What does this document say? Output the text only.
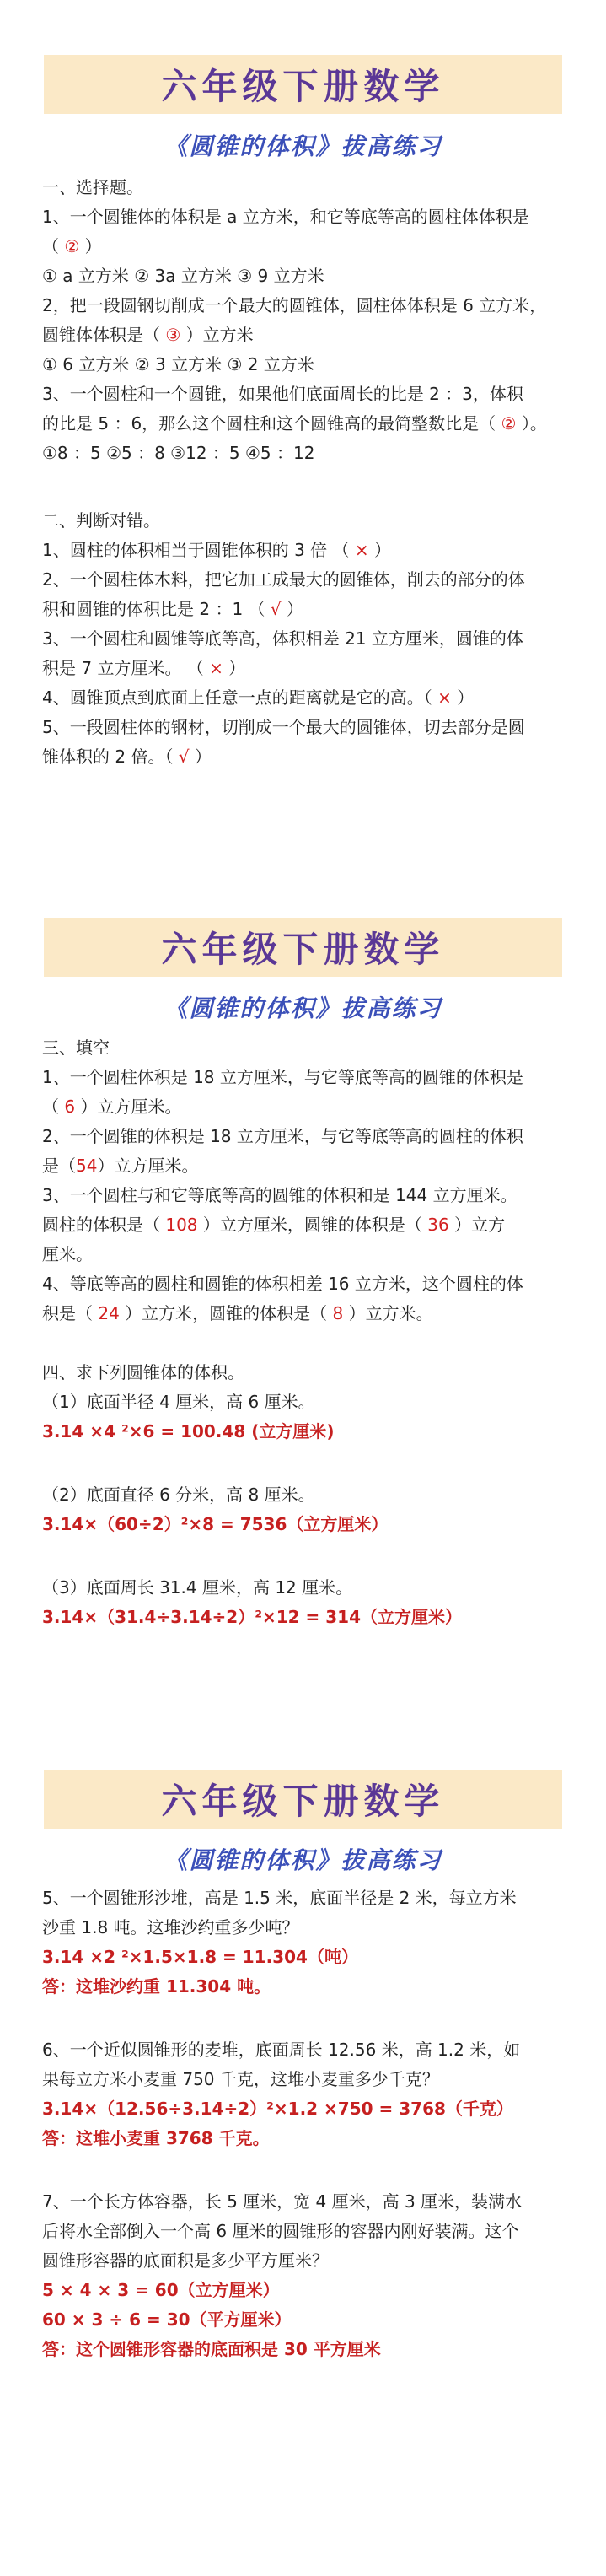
六年级下册数学
《圆锥的体积》拔高练习
一、选择题。
1、一个圆锥体的体积是 a 立方米，和它等底等高的圆柱体体积是
（ ② ）
① a 立方米 ② 3a 立方米 ③ 9 立方米
2，把一段圆钢切削成一个最大的圆锥体，圆柱体体积是 6 立方米，
圆锥体体积是（ ③ ）立方米
① 6 立方米 ② 3 立方米 ③ 2 立方米
3、一个圆柱和一个圆锥，如果他们底面周长的比是 2 ：3，体积
的比是 5 ：6，那么这个圆柱和这个圆锥高的最简整数比是（ ② ）。
①8 ：5 ②5 ：8 ③12 ：5 ④5 ：12
二、判断对错。
1、圆柱的体积相当于圆锥体积的 3 倍 （ × ）
2、一个圆柱体木料，把它加工成最大的圆锥体，削去的部分的体
积和圆锥的体积比是 2 ：1 （ √ ）
3、一个圆柱和圆锥等底等高，体积相差 21 立方厘米，圆锥的体
积是 7 立方厘米。 （ × ）
4、圆锥顶点到底面上任意一点的距离就是它的高。（ × ）
5、一段圆柱体的钢材，切削成一个最大的圆锥体，切去部分是圆
锥体积的 2 倍。（ √ ）
六年级下册数学
《圆锥的体积》拔高练习
三、填空
1、一个圆柱体积是 18 立方厘米，与它等底等高的圆锥的体积是
（ 6 ）立方厘米。
2、一个圆锥的体积是 18 立方厘米，与它等底等高的圆柱的体积
是（54）立方厘米。
3、一个圆柱与和它等底等高的圆锥的体积和是 144 立方厘米。
圆柱的体积是（ 108 ）立方厘米，圆锥的体积是（ 36 ）立方
厘米。
4、等底等高的圆柱和圆锥的体积相差 16 立方米，这个圆柱的体
积是（ 24 ）立方米，圆锥的体积是（ 8 ）立方米。
四、求下列圆锥体的体积。
（1）底面半径 4 厘米，高 6 厘米。
3.14 ×4 ²×6 = 100.48 (立方厘米)
（2）底面直径 6 分米，高 8 厘米。
3.14×（60÷2）²×8 = 7536（立方厘米）
（3）底面周长 31.4 厘米，高 12 厘米。
3.14×（31.4÷3.14÷2）²×12 = 314（立方厘米）
六年级下册数学
《圆锥的体积》拔高练习
5、一个圆锥形沙堆，高是 1.5 米，底面半径是 2 米，每立方米
沙重 1.8 吨。这堆沙约重多少吨？
3.14 ×2 ²×1.5×1.8 = 11.304（吨）
答：这堆沙约重 11.304 吨。
6、一个近似圆锥形的麦堆，底面周长 12.56 米，高 1.2 米，如
果每立方米小麦重 750 千克，这堆小麦重多少千克？
3.14×（12.56÷3.14÷2）²×1.2 ×750 = 3768（千克）
答：这堆小麦重 3768 千克。
7、一个长方体容器，长 5 厘米，宽 4 厘米，高 3 厘米，装满水
后将水全部倒入一个高 6 厘米的圆锥形的容器内刚好装满。这个
圆锥形容器的底面积是多少平方厘米？
5 × 4 × 3 = 60（立方厘米）
60 × 3 ÷ 6 = 30（平方厘米）
答：这个圆锥形容器的底面积是 30 平方厘米
